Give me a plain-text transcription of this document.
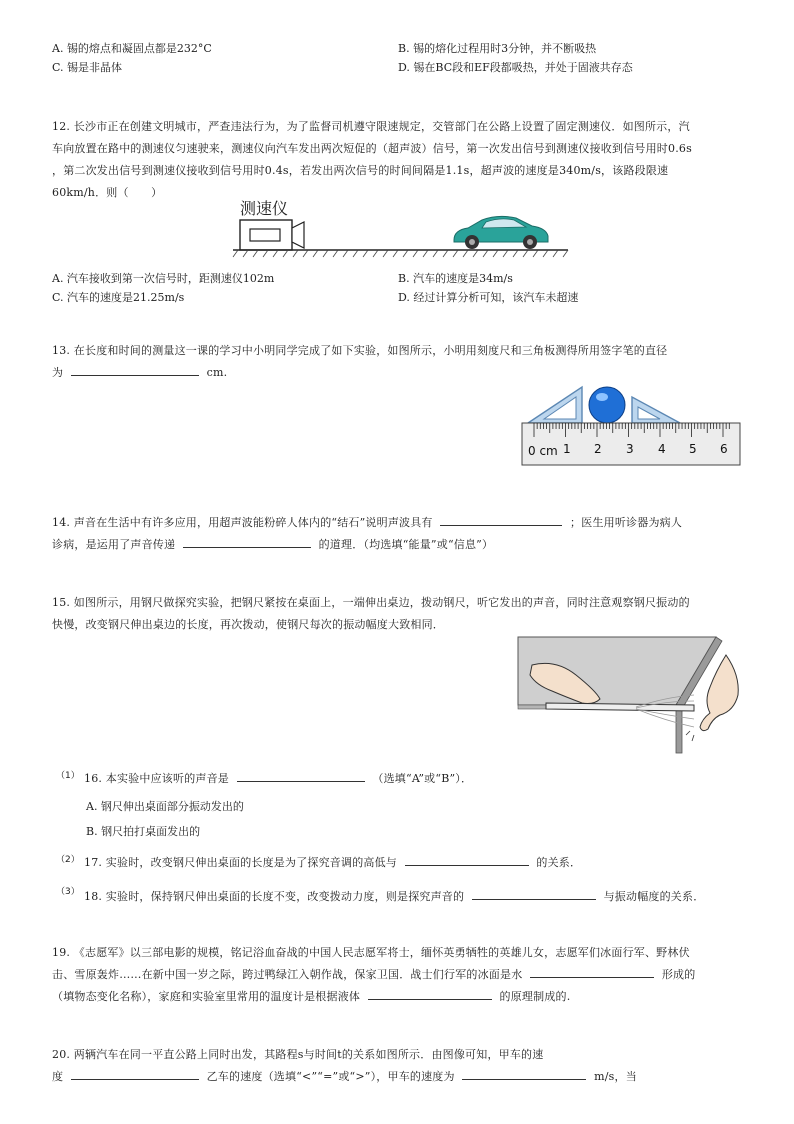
A. 锡的熔点和凝固点都是232°C	B. 锡的熔化过程用时3分钟，并不断吸热
C. 锡是非晶体	D. 锡在BC段和EF段都吸热，并处于固液共存态
12. 长沙市正在创建文明城市，严查违法行为，为了监督司机遵守限速规定，交管部门在公路上设置了固定测速仪．如图所示，汽
车向放置在路中的测速仪匀速驶来，测速仪向汽车发出两次短促的（超声波）信号，第一次发出信号到测速仪接收到信号用时0.6s
，第二次发出信号到测速仪接收到信号用时0.4s，若发出两次信号的时间间隔是1.1s，超声波的速度是340m/s，该路段限速
60km/h．则（　　）
测速仪
A. 汽车接收到第一次信号时，距测速仪102m	B. 汽车的速度是34m/s
C. 汽车的速度是21.25m/s	D. 经过计算分析可知，该汽车未超速
13. 在长度和时间的测量这一课的学习中小明同学完成了如下实验，如图所示，小明用刻度尺和三角板测得所用签字笔的直径
为	cm.
0 cm 1 2 3 4 5 6
14. 声音在生活中有许多应用，用超声波能粉碎人体内的“结石”说明声波具有	；医生用听诊器为病人
诊病，是运用了声音传递	的道理．（均选填“能量”或“信息”）
15. 如图所示，用钢尺做探究实验，把钢尺紧按在桌面上，一端伸出桌边，拨动钢尺，听它发出的声音，同时注意观察钢尺振动的
快慢，改变钢尺伸出桌边的长度，再次拨动，使钢尺每次的振动幅度大致相同．
（1） 16. 本实验中应该听的声音是	（选填“A”或“B”）．
A. 钢尺伸出桌面部分振动发出的
B. 钢尺拍打桌面发出的
（2） 17. 实验时，改变钢尺伸出桌面的长度是为了探究音调的高低与	的关系．
（3） 18. 实验时，保持钢尺伸出桌面的长度不变，改变拨动力度，则是探究声音的	与振动幅度的关系．
19. 《志愿军》以三部电影的规模，铭记浴血奋战的中国人民志愿军将士，缅怀英勇牺牲的英雄儿女，志愿军们冰面行军、野林伏
击、雪原轰炸……在新中国一岁之际，跨过鸭绿江入朝作战，保家卫国．战士们行军的冰面是水	形成的
（填物态变化名称），家庭和实验室里常用的温度计是根据液体	的原理制成的.
20. 两辆汽车在同一平直公路上同时出发，其路程s与时间t的关系如图所示．由图像可知，甲车的速
度	乙车的速度（选填“<”“=”或“>”），甲车的速度为	m/s，当
